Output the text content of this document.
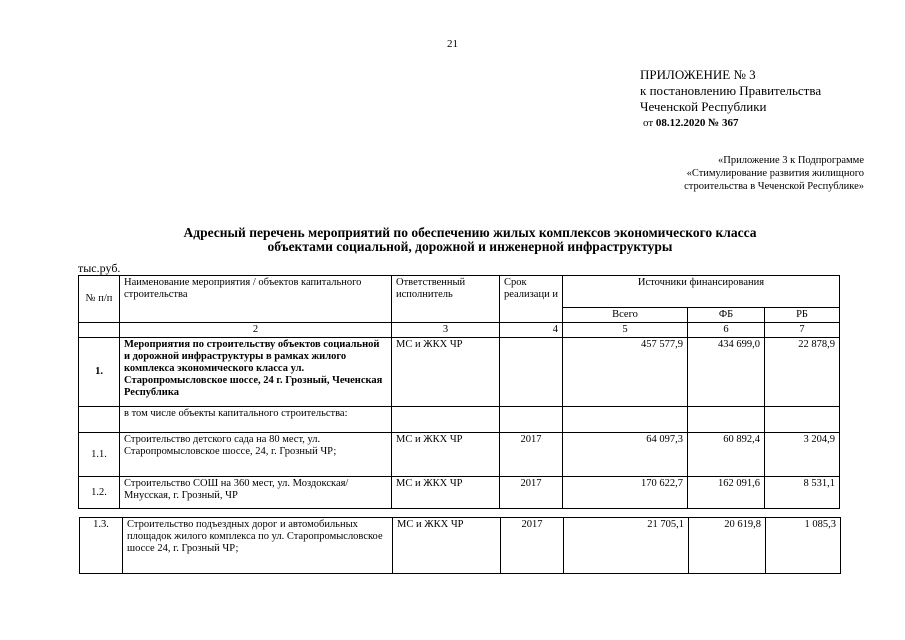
21
ПРИЛОЖЕНИЕ № 3
к постановлению Правительства
Чеченской Республики
от 08.12.2020 № 367
«Приложение 3 к Подпрограмме
«Стимулирование развития жилищного
строительства в Чеченской Республике»
Адресный перечень мероприятий по обеспечению жилых комплексов экономического класса
объектами социальной, дорожной и инженерной инфраструктуры
тыс.руб.
№ п/п	Наименование мероприятия / объектов капитального строительства	Ответственный исполнитель	Срок реализаци и	Источники финансирования		
				Всего	ФБ	РБ
	2	3	4	5	6	7
1.	Мероприятия по строительству объектов социальной и дорожной инфраструктуры в рамках жилого комплекса экономического класса ул. Старопромысловское шоссе, 24 г. Грозный, Чеченская Республика	МС и ЖКХ ЧР		457 577,9	434 699,0	22 878,9
	в том числе объекты капитального строительства:					
1.1.	Строительство детского сада на 80 мест, ул. Старопромысловское шоссе, 24, г. Грозный ЧР;	МС и ЖКХ ЧР	2017	64 097,3	60 892,4	3 204,9
1.2.	Строительство СОШ на 360 мест, ул. Моздокская/ Мнусская, г. Грозный, ЧР	МС и ЖКХ ЧР	2017	170 622,7	162 091,6	8 531,1
1.3.	Строительство подъездных дорог и автомобильных площадок жилого комплекса по ул. Старопромысловское шоссе 24, г. Грозный ЧР;	МС и ЖКХ ЧР	2017	21 705,1	20 619,8	1 085,3
